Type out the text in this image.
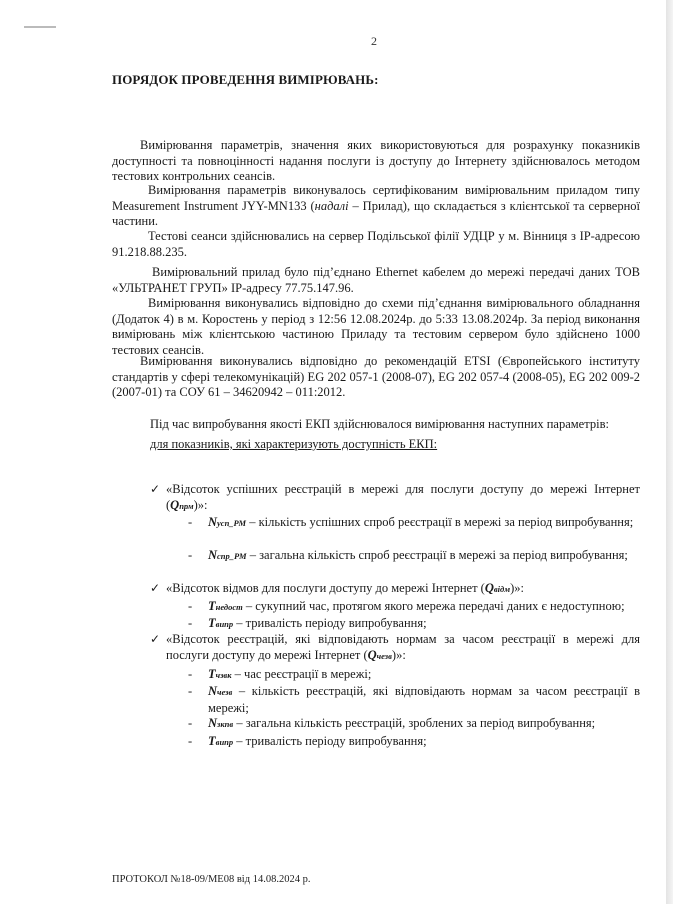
2
ПОРЯДОК ПРОВЕДЕННЯ ВИМІРЮВАНЬ:

Вимірювання параметрів, значення яких використовуються для розрахунку показників доступності та повноцінності надання послуги із доступу до Інтернету здійснювалось методом тестових контрольних сеансів.

Вимірювання параметрів виконувалось сертифікованим вимірювальним приладом типу Measurement Instrument JYY-MN133 (надалі – Прилад), що складається з клієнтської та серверної частини.

Тестові сеанси здійснювались на сервер Подільської філії УДЦР у м. Вінниця з IP-адресою 91.218.88.235.

Вимірювальний прилад було під’єднано Ethernet кабелем до мережі передачі даних ТОВ «УЛЬТРАНЕТ ГРУП» IP-адресу 77.75.147.96.

Вимірювання виконувались відповідно до схеми під’єднання вимірювального обладнання (Додаток 4) в м. Коростень у період з 12:56 12.08.2024р. до 5:33 13.08.2024р. За період виконання вимірювань між клієнтською частиною Приладу та тестовим сервером було здійснено 1000 тестових сеансів.

Вимірювання виконувались відповідно до рекомендацій ETSI (Європейського інституту стандартів у сфері телекомунікацій) EG 202 057-1 (2008-07), EG 202 057-4 (2008-05), EG 202 009-2 (2007-01) та СОУ 61 – 34620942 – 011:2012.

Під час випробування якості ЕКП здійснювалося вимірювання наступних параметрів:

для показників, які характеризують доступність ЕКП:

✓ «Відсоток успішних реєстрацій в мережі для послуги доступу до мережі Інтернет (Qпрм)»:
- Nусп_РМ – кількість успішних спроб реєстрації в мережі за період випробування;
- Nспр_РМ – загальна кількість спроб реєстрації в мережі за період випробування;
✓ «Відсоток відмов для послуги доступу до мережі Інтернет (Qвідм)»:
- Tнедост – сукупний час, протягом якого мережа передачі даних є недоступною;
- Tвипр – тривалість періоду випробування;
✓ «Відсоток реєстрацій, які відповідають нормам за часом реєстрації в мережі для послуги доступу до мережі Інтернет (Qчезв)»:
- Tчзвк – час реєстрації в мережі;
- Nчезв – кількість реєстрацій, які відповідають нормам за часом реєстрації в мережі;
- Nзкпв – загальна кількість реєстрацій, зроблених за період випробування;
- Tвипр – тривалість періоду випробування;
ПРОТОКОЛ №18-09/МЕ08 від 14.08.2024 р.
